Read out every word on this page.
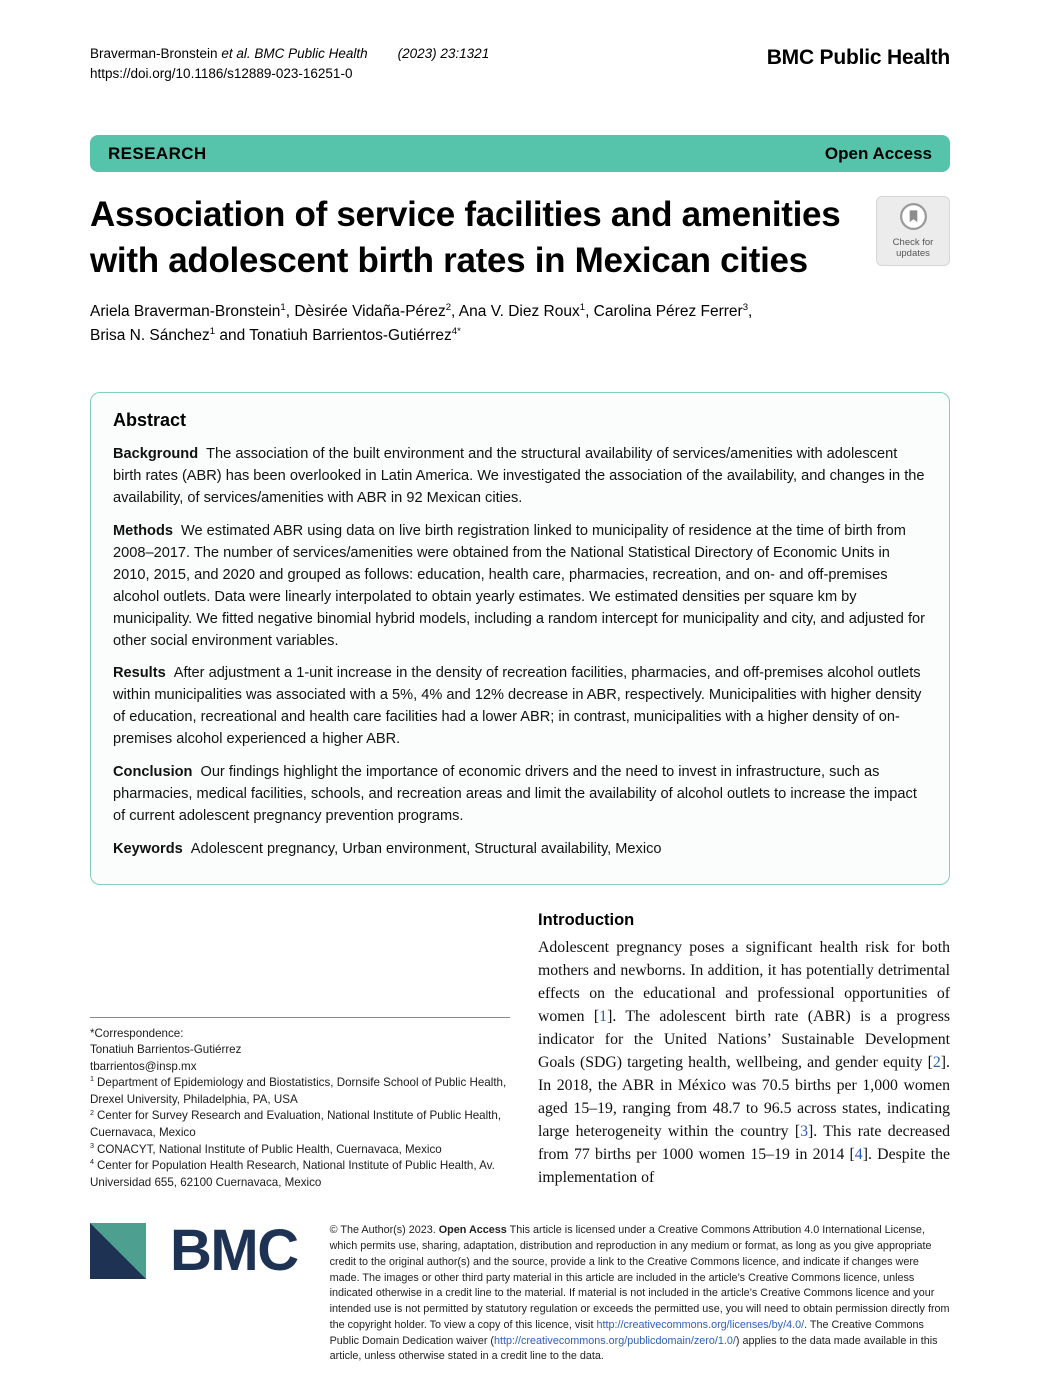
Braverman-Bronstein et al. BMC Public Health (2023) 23:1321
https://doi.org/10.1186/s12889-023-16251-0
BMC Public Health
RESEARCH	Open Access
Association of service facilities and amenities
with adolescent birth rates in Mexican cities	Check for
updates

Ariela Braverman-Bronstein$^1$, Dèsirée Vidaña-Pérez$^2$, Ana V. Diez Roux$^1$, Carolina Pérez Ferrer$^3$,
Brisa N. Sánchez$^1$ and Tonatiuh Barrientos-Gutiérrez$^{4*}$

Abstract

Background The association of the built environment and the structural availability of services/amenities with adolescent birth rates (ABR) has been overlooked in Latin America. We investigated the association of the availability, and changes in the availability, of services/amenities with ABR in 92 Mexican cities.

Methods We estimated ABR using data on live birth registration linked to municipality of residence at the time of birth from 2008–2017. The number of services/amenities were obtained from the National Statistical Directory of Economic Units in 2010, 2015, and 2020 and grouped as follows: education, health care, pharmacies, recreation, and on- and off-premises alcohol outlets. Data were linearly interpolated to obtain yearly estimates. We estimated densities per square km by municipality. We fitted negative binomial hybrid models, including a random intercept for municipality and city, and adjusted for other social environment variables.

Results After adjustment a 1-unit increase in the density of recreation facilities, pharmacies, and off-premises alcohol outlets within municipalities was associated with a 5%, 4% and 12% decrease in ABR, respectively. Municipalities with higher density of education, recreational and health care facilities had a lower ABR; in contrast, municipalities with a higher density of on-premises alcohol experienced a higher ABR.

Conclusion Our findings highlight the importance of economic drivers and the need to invest in infrastructure, such as pharmacies, medical facilities, schools, and recreation areas and limit the availability of alcohol outlets to increase the impact of current adolescent pregnancy prevention programs.

Keywords Adolescent pregnancy, Urban environment, Structural availability, Mexico

*Correspondence:
Tonatiuh Barrientos-Gutiérrez
tbarrientos@insp.mx
$^1$ Department of Epidemiology and Biostatistics, Dornsife School of Public Health, Drexel University, Philadelphia, PA, USA
$^2$ Center for Survey Research and Evaluation, National Institute of Public Health, Cuernavaca, Mexico
$^3$ CONACYT, National Institute of Public Health, Cuernavaca, Mexico
$^4$ Center for Population Health Research, National Institute of Public Health, Av. Universidad 655, 62100 Cuernavaca, Mexico
Introduction

Adolescent pregnancy poses a significant health risk for both mothers and newborns. In addition, it has potentially detrimental effects on the educational and professional opportunities of women [1]. The adolescent birth rate (ABR) is a progress indicator for the United Nations’ Sustainable Development Goals (SDG) targeting health, wellbeing, and gender equity [2]. In 2018, the ABR in México was 70.5 births per 1,000 women aged 15–19, ranging from 48.7 to 96.5 across states, indicating large heterogeneity within the country [3]. This rate decreased from 77 births per 1000 women 15–19 in 2014 [4]. Despite the implementation of

BMC	© The Author(s) 2023. Open Access This article is licensed under a Creative Commons Attribution 4.0 International License, which permits use, sharing, adaptation, distribution and reproduction in any medium or format, as long as you give appropriate credit to the original author(s) and the source, provide a link to the Creative Commons licence, and indicate if changes were made. The images or other third party material in this article are included in the article’s Creative Commons licence, unless indicated otherwise in a credit line to the material. If material is not included in the article’s Creative Commons licence and your intended use is not permitted by statutory regulation or exceeds the permitted use, you will need to obtain permission directly from the copyright holder. To view a copy of this licence, visit http://creativecommons.org/licenses/by/4.0/. The Creative Commons Public Domain Dedication waiver (http://creativecommons.org/publicdomain/zero/1.0/) applies to the data made available in this article, unless otherwise stated in a credit line to the data.
